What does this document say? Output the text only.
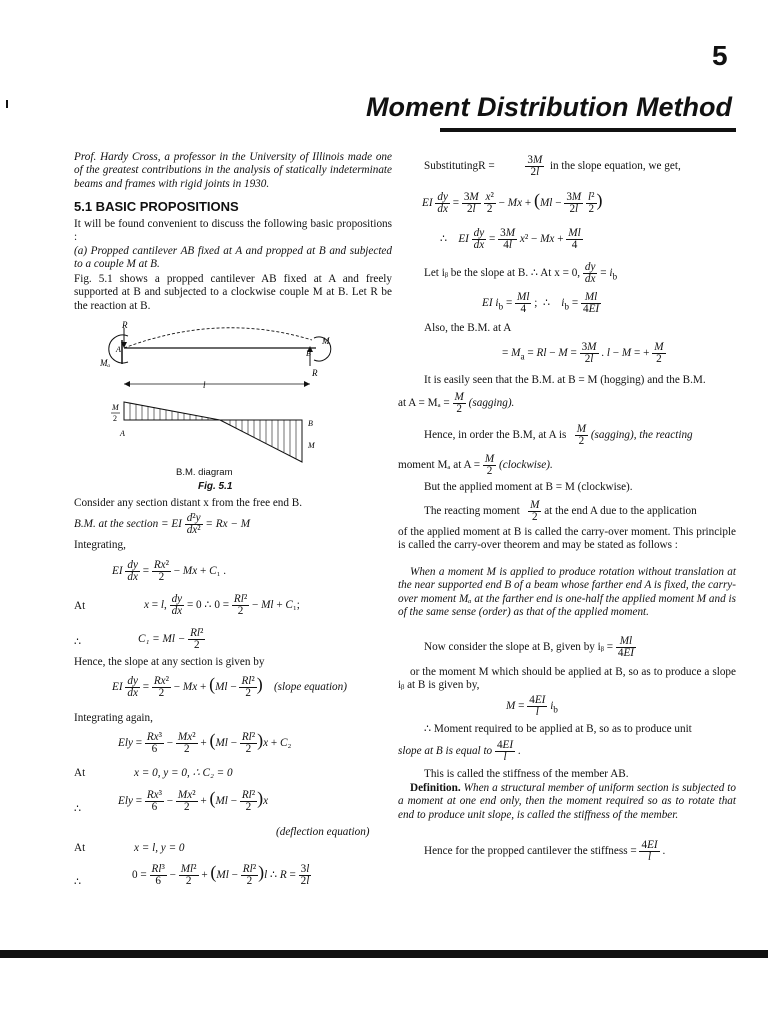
5
Moment Distribution Method
Prof. Hardy Cross, a professor in the University of Illinois made one of the greatest contributions in the analysis of statically indeterminate beams and frames with rigid joints in 1930.
5.1 BASIC PROPOSITIONS
It will be found convenient to discuss the following basic propositions :
(a) Propped cantilever AB fixed at A and propped at B and subjected to a couple M at B.
Fig. 5.1 shows a propped cantilever AB fixed at A and freely supported at B and subjected to a clockwise couple M at B. Let R be the reaction at B.
R
M
Mₐ
A	B
R
l
M
2
A
B
M
B.M. diagram
Fig. 5.1
Consider any section distant x from the free end B.
B.M. at the section = EI $\frac{\text{d²y}}{\text{dx²}} = Rx - M$
Integrating,
EI $\frac{dy}{dx} = \frac{\text{Rx²}}{2} - Mx + C_1$ .
At	x = l, $\frac{dy}{dx} = 0$ ∴ $0 = \frac{\text{Rl²}}{2} - Ml + C_1$;
∴	$C_1 = Ml - \frac{\text{Rl²}}{2}$
Hence, the slope at any section is given by
EI $\frac{dy}{dx} = \frac{\text{Rx²}}{2} - Mx + (Ml - \frac{\text{Rl²}}{2}$ ) (slope equation)
Integrating again,
Ely = $\frac{\text{Rx³}}{6} - \frac{\text{Mx²}}{2} + (Ml - \frac{\text{Rl²}}{2} )x + C_2$
At	x = 0, y = 0, ∴ C₂ = 0
∴
Ely = $\frac{\text{Rx³}}{6} - \frac{\text{Mx²}}{2} + (Ml - \frac{\text{Rl²}}{2} )x$
(deflection equation)
At	x = l, y = 0
∴
$0 = \frac{\text{Rl³}}{6} - \frac{\text{Ml²}}{2} + (Ml - \frac{\text{Rl²}}{2} )l$ ∴ $R = \frac{3l}{2l}$
SubstitutingR =	$\frac{3M}{2l}$ in the slope equation, we get,
EI $\frac{dy}{dx} = \frac{3M}{2l}$
$\frac{\text{x²}}{2} - Mx + (Ml - \frac{3M}{2l}$
$\frac{\text{l²}}{2}$ )
∴    EI $\frac{dy}{dx} = \frac{3M}{4l} x^2 - Mx + \frac{Ml}{4}$
Let iᵦ be the slope at B. ∴ At x = 0, $\frac{dy}{dx} = i_b$
EI $i_b = \frac{Ml}{4}$ ;  ∴    $i_b = \frac{Ml}{4EI}$
Also, the B.M. at A
= $M_a = Rl - M = \frac{3M}{2l}$ . l − M = + $\frac{M}{2}$
It is easily seen that the B.M. at B = M (hogging) and the B.M.
at $A = M_a = \frac{M}{2}$ (sagging).
Hence, in order the B.M, at A is $\frac{M}{2}$ (sagging), the reacting
moment Mₐ at $A = \frac{M}{2}$ (clockwise).
But the applied moment at B = M (clockwise).
The reacting moment $\frac{M}{2}$ at the end A due to the application
of the applied moment at B is called the carry-over moment. This principle is called the carry-over theorem and may be stated as follows :
When a moment M is applied to produce rotation without translation at the near supported end B of a beam whose farther end A is fixed, the carry-over moment Mₐ at the farther end is one-half the applied moment M and is of the same sense (order) as that of the applied moment.
Now consider the slope at B, given by iᵦ = $\frac{Ml}{4EI}$
or the moment M which should be applied at B, so as to produce a slope iᵦ at B is given by,
$M = \frac{4EI}{l} i_b$
∴ Moment required to be applied at B, so as to produce unit
slope at B is equal to $\frac{4EI}{l}$ .
This is called the stiffness of the member AB.
Definition. When a structural member of uniform section is subjected to a moment at one end only, then the moment required so as to rotate that end to produce unit slope, is called the stiffness of the member.
Hence for the propped cantilever the stiffness = $\frac{4EI}{l}$ .
